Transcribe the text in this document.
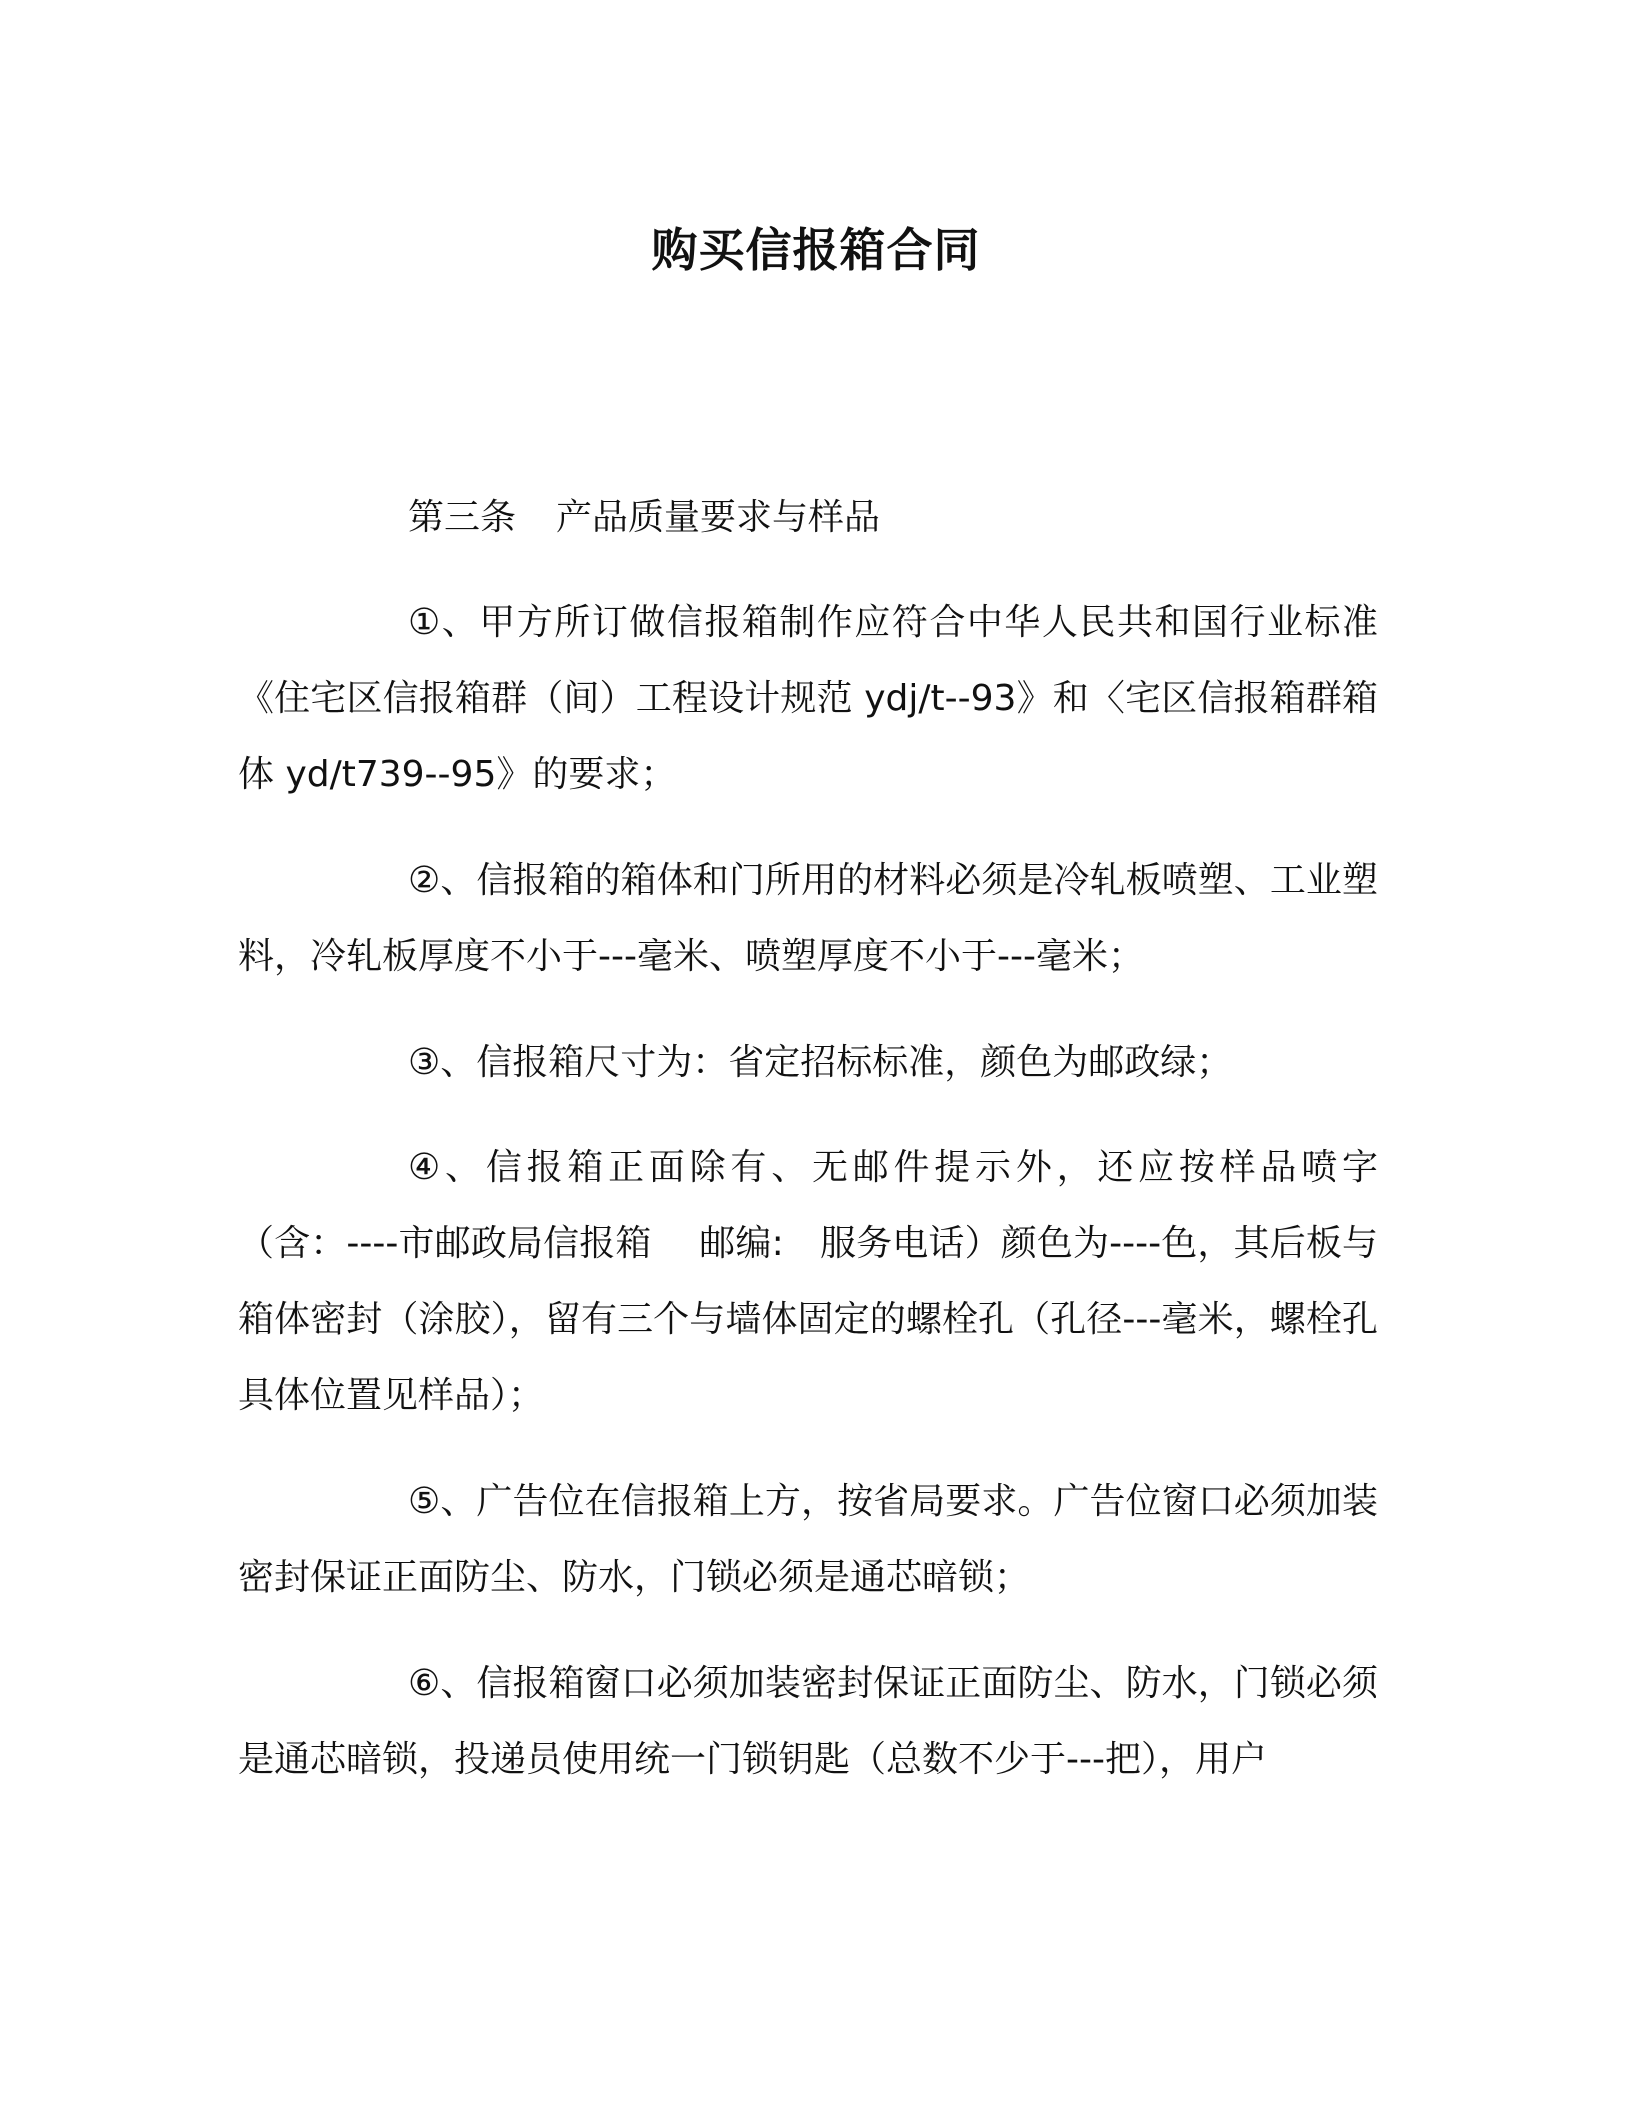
购买信报箱合同

第三条 产品质量要求与样品

①、甲方所订做信报箱制作应符合中华人民共和国行业标准《住宅区信报箱群（间）工程设计规范 ydj/t--93》和〈宅区信报箱群箱体 yd/t739--95》的要求；

②、信报箱的箱体和门所用的材料必须是冷轧板喷塑、工业塑料，冷轧板厚度不小于---毫米、喷塑厚度不小于---毫米；

③、信报箱尺寸为：省定招标标准，颜色为邮政绿；

④、信报箱正面除有、无邮件提示外，还应按样品喷字（含：----市邮政局信报箱　 邮编:　服务电话）颜色为----色，其后板与箱体密封（涂胶），留有三个与墙体固定的螺栓孔（孔径---毫米，螺栓孔具体位置见样品）；

⑤、广告位在信报箱上方，按省局要求。广告位窗口必须加装密封保证正面防尘、防水，门锁必须是通芯暗锁；

⑥、信报箱窗口必须加装密封保证正面防尘、防水，门锁必须是通芯暗锁，投递员使用统一门锁钥匙（总数不少于---把），用户
